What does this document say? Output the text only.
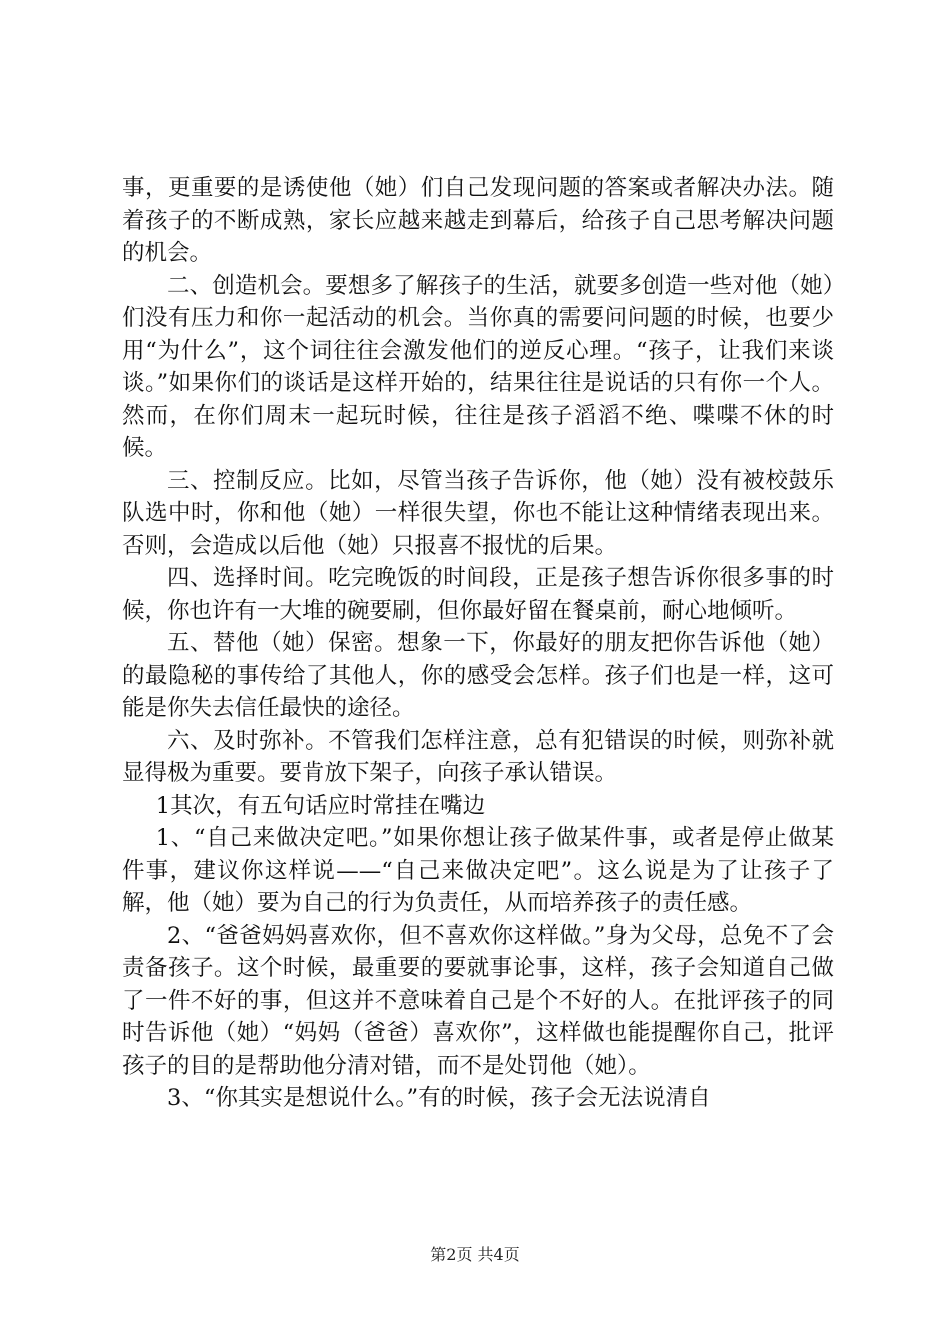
事，更重要的是诱使他（她）们自己发现问题的答案或者解决办法。随着孩子的不断成熟，家长应越来越走到幕后，给孩子自己思考解决问题的机会。

二、创造机会。要想多了解孩子的生活，就要多创造一些对他（她）们没有压力和你一起活动的机会。当你真的需要问问题的时候，也要少用“为什么”，这个词往往会激发他们的逆反心理。“孩子，让我们来谈谈。”如果你们的谈话是这样开始的，结果往往是说话的只有你一个人。然而，在你们周末一起玩时候，往往是孩子滔滔不绝、喋喋不休的时候。

三、控制反应。比如，尽管当孩子告诉你，他（她）没有被校鼓乐队选中时，你和他（她）一样很失望，你也不能让这种情绪表现出来。否则，会造成以后他（她）只报喜不报忧的后果。

四、选择时间。吃完晚饭的时间段，正是孩子想告诉你很多事的时候，你也许有一大堆的碗要刷，但你最好留在餐桌前，耐心地倾听。

五、替他（她）保密。想象一下，你最好的朋友把你告诉他（她）的最隐秘的事传给了其他人，你的感受会怎样。孩子们也是一样，这可能是你失去信任最快的途径。

六、及时弥补。不管我们怎样注意，总有犯错误的时候，则弥补就显得极为重要。要肯放下架子，向孩子承认错误。

1其次，有五句话应时常挂在嘴边

1、“自己来做决定吧。”如果你想让孩子做某件事，或者是停止做某件事，建议你这样说——“自己来做决定吧”。这么说是为了让孩子了解，他（她）要为自己的行为负责任，从而培养孩子的责任感。

2、“爸爸妈妈喜欢你，但不喜欢你这样做。”身为父母，总免不了会责备孩子。这个时候，最重要的要就事论事，这样，孩子会知道自己做了一件不好的事，但这并不意味着自己是个不好的人。在批评孩子的同时告诉他（她）“妈妈（爸爸）喜欢你”，这样做也能提醒你自己，批评孩子的目的是帮助他分清对错，而不是处罚他（她）。

3、“你其实是想说什么。”有的时候，孩子会无法说清自

第2页 共4页
